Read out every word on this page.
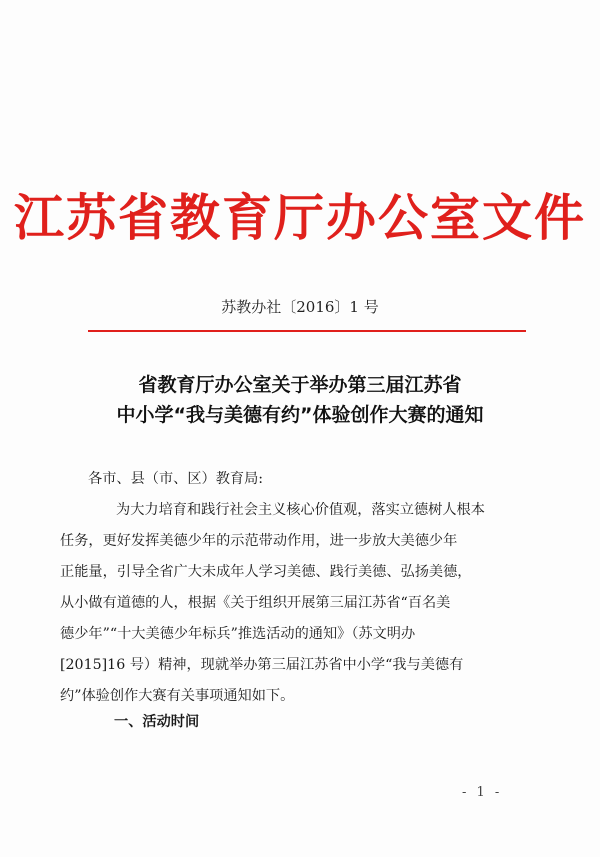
江苏省教育厅办公室文件
苏教办社〔2016〕1 号
省教育厅办公室关于举办第三届江苏省
中小学“我与美德有约”体验创作大赛的通知
各市、县（市、区）教育局:
为大力培育和践行社会主义核心价值观，落实立德树人根本
任务，更好发挥美德少年的示范带动作用，进一步放大美德少年
正能量，引导全省广大未成年人学习美德、践行美德、弘扬美德，
从小做有道德的人，根据《关于组织开展第三届江苏省“百名美
德少年”“十大美德少年标兵”推选活动的通知》（苏文明办
[2015]16 号）精神，现就举办第三届江苏省中小学“我与美德有
约”体验创作大赛有关事项通知如下。
一、活动时间
- 1 -
